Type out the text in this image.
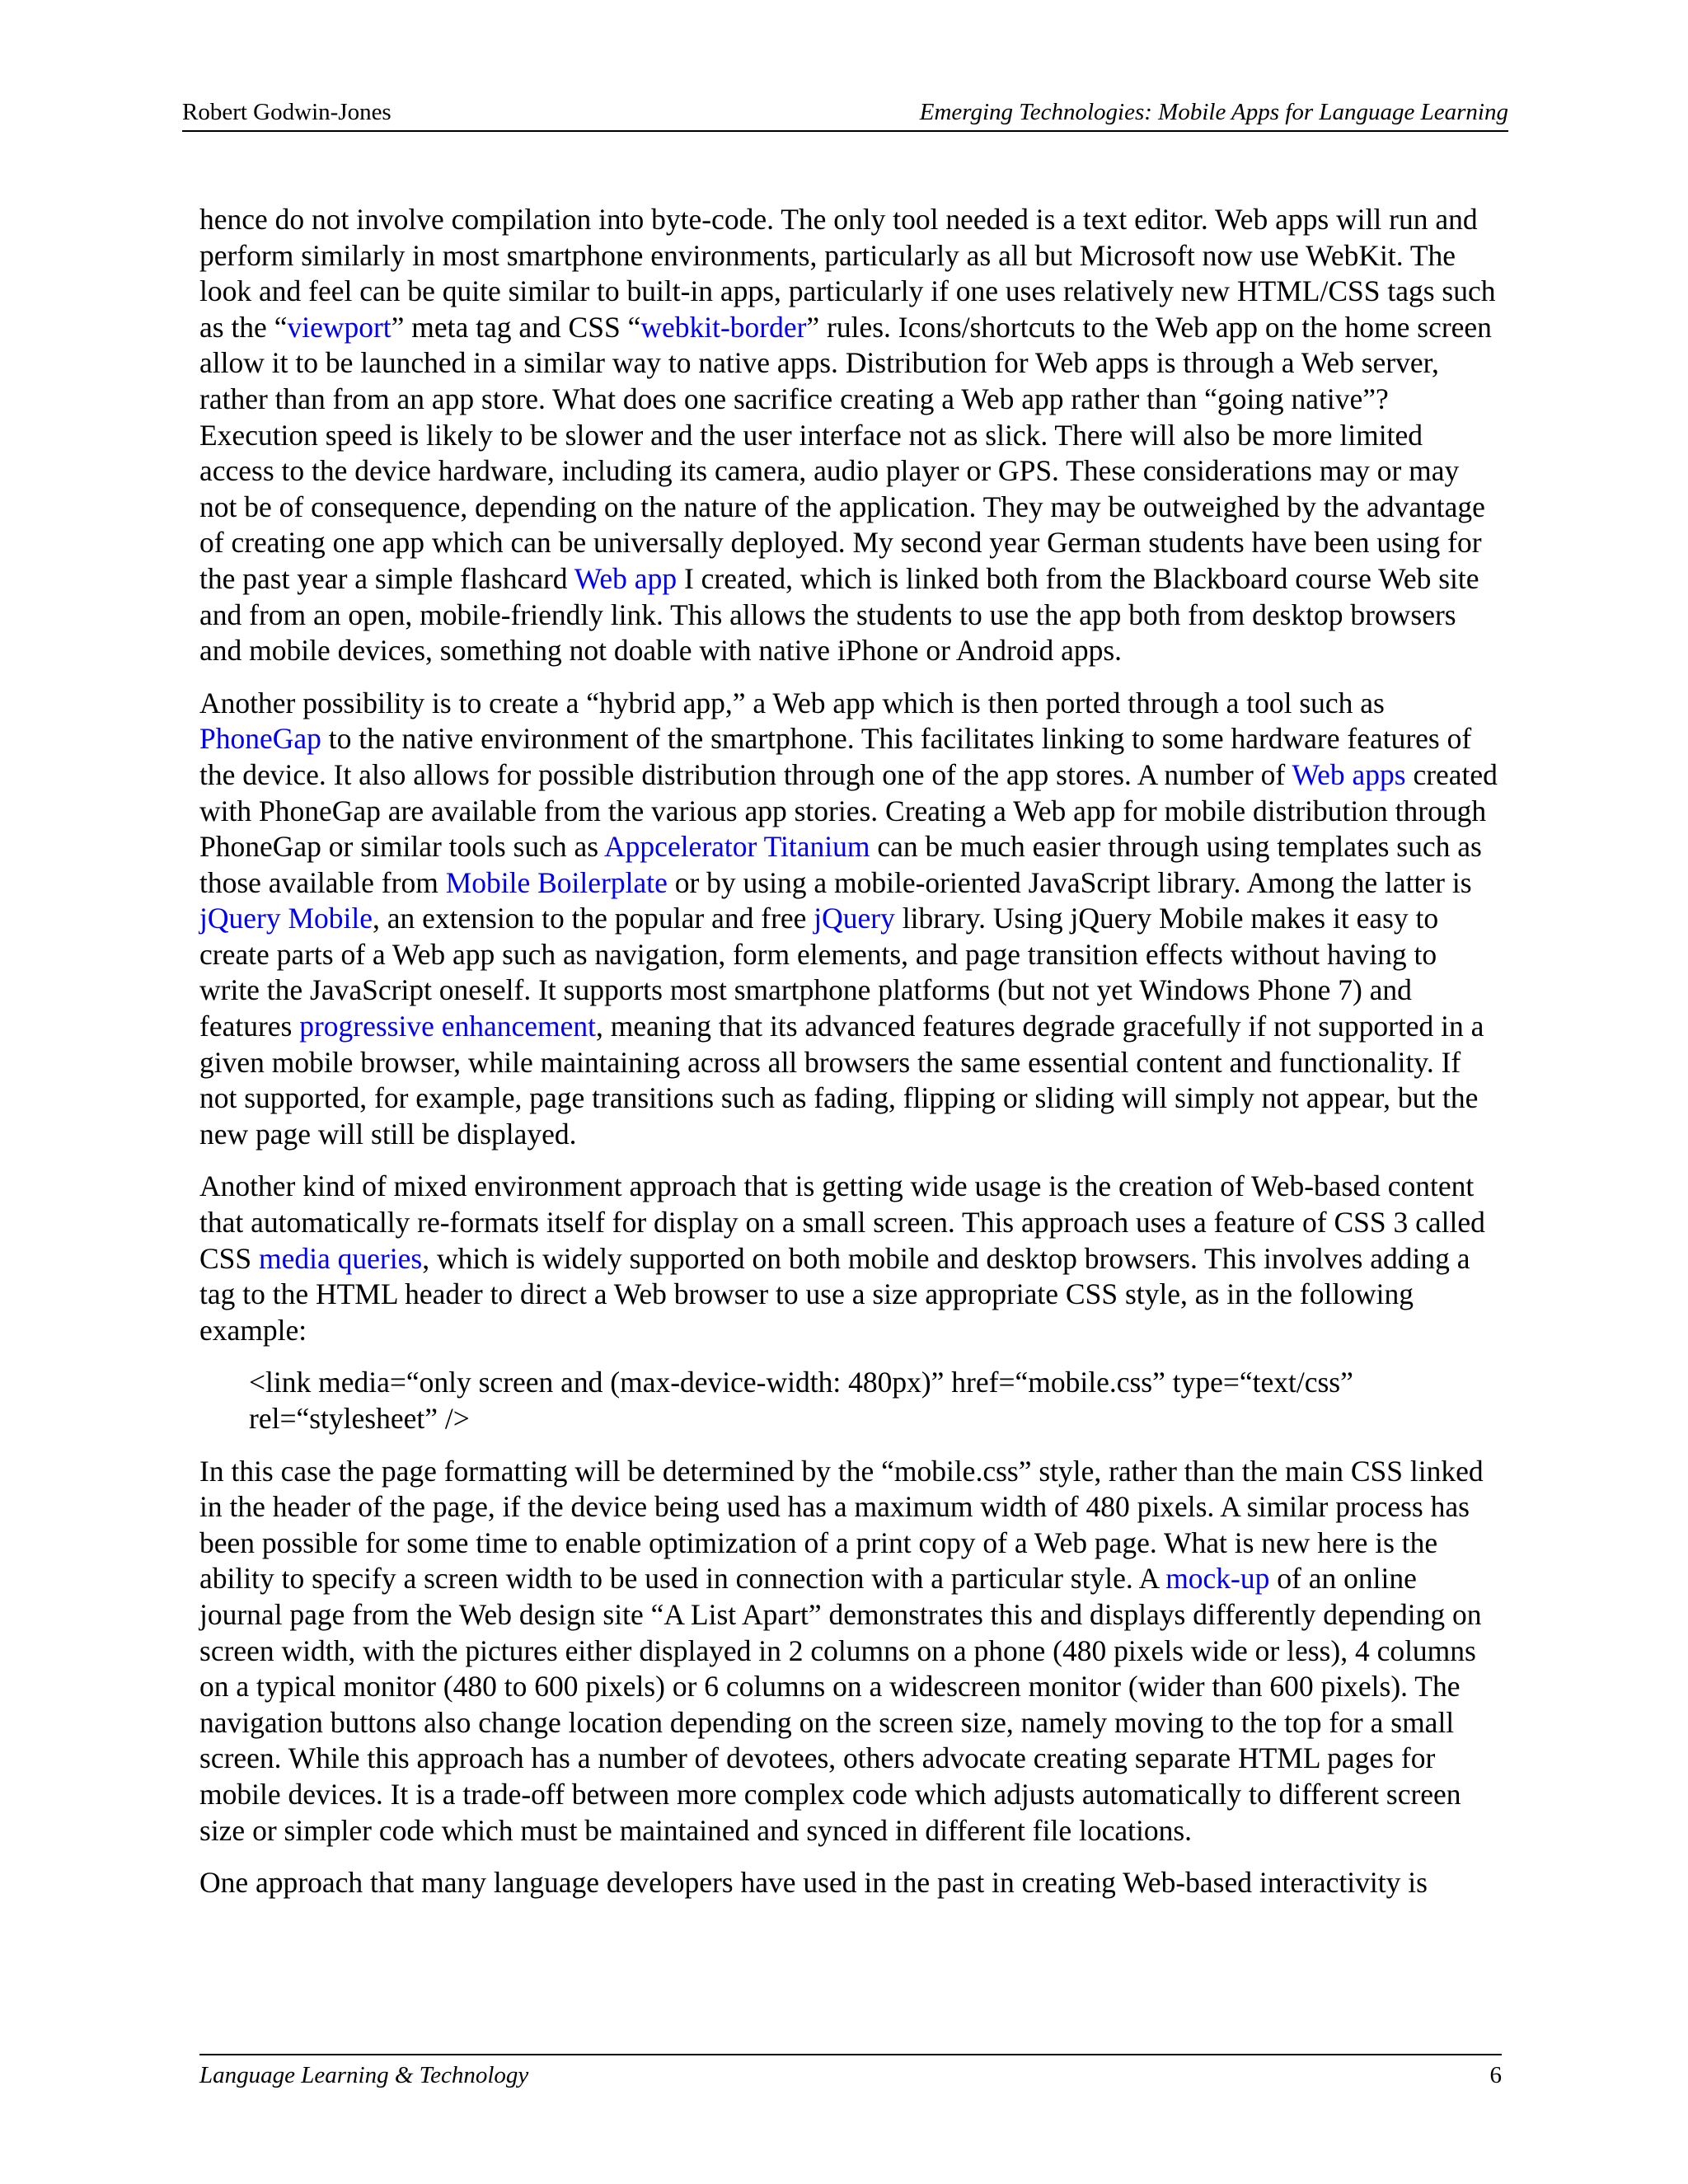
Robert Godwin-Jones	Emerging Technologies: Mobile Apps for Language Learning

hence do not involve compilation into byte-code. The only tool needed is a text editor. Web apps will run and perform similarly in most smartphone environments, particularly as all but Microsoft now use WebKit. The look and feel can be quite similar to built-in apps, particularly if one uses relatively new HTML/CSS tags such as the “viewport” meta tag and CSS “webkit-border” rules. Icons/shortcuts to the Web app on the home screen allow it to be launched in a similar way to native apps. Distribution for Web apps is through a Web server, rather than from an app store. What does one sacrifice creating a Web app rather than “going native”? Execution speed is likely to be slower and the user interface not as slick. There will also be more limited access to the device hardware, including its camera, audio player or GPS. These considerations may or may not be of consequence, depending on the nature of the application. They may be outweighed by the advantage of creating one app which can be universally deployed. My second year German students have been using for the past year a simple flashcard Web app I created, which is linked both from the Blackboard course Web site and from an open, mobile-friendly link. This allows the students to use the app both from desktop browsers and mobile devices, something not doable with native iPhone or Android apps.

Another possibility is to create a “hybrid app,” a Web app which is then ported through a tool such as PhoneGap to the native environment of the smartphone. This facilitates linking to some hardware features of the device. It also allows for possible distribution through one of the app stores. A number of Web apps created with PhoneGap are available from the various app stories. Creating a Web app for mobile distribution through PhoneGap or similar tools such as Appcelerator Titanium can be much easier through using templates such as those available from Mobile Boilerplate or by using a mobile-oriented JavaScript library. Among the latter is jQuery Mobile, an extension to the popular and free jQuery library. Using jQuery Mobile makes it easy to create parts of a Web app such as navigation, form elements, and page transition effects without having to write the JavaScript oneself. It supports most smartphone platforms (but not yet Windows Phone 7) and features progressive enhancement, meaning that its advanced features degrade gracefully if not supported in a given mobile browser, while maintaining across all browsers the same essential content and functionality. If not supported, for example, page transitions such as fading, flipping or sliding will simply not appear, but the new page will still be displayed.

Another kind of mixed environment approach that is getting wide usage is the creation of Web-based content that automatically re-formats itself for display on a small screen. This approach uses a feature of CSS 3 called CSS media queries, which is widely supported on both mobile and desktop browsers. This involves adding a tag to the HTML header to direct a Web browser to use a size appropriate CSS style, as in the following example:

<link media=“only screen and (max-device-width: 480px)” href=“mobile.css” type=“text/css” rel=“stylesheet” />

In this case the page formatting will be determined by the “mobile.css” style, rather than the main CSS linked in the header of the page, if the device being used has a maximum width of 480 pixels. A similar process has been possible for some time to enable optimization of a print copy of a Web page. What is new here is the ability to specify a screen width to be used in connection with a particular style. A mock-up of an online journal page from the Web design site “A List Apart” demonstrates this and displays differently depending on screen width, with the pictures either displayed in 2 columns on a phone (480 pixels wide or less), 4 columns on a typical monitor (480 to 600 pixels) or 6 columns on a widescreen monitor (wider than 600 pixels). The navigation buttons also change location depending on the screen size, namely moving to the top for a small screen. While this approach has a number of devotees, others advocate creating separate HTML pages for mobile devices. It is a trade-off between more complex code which adjusts automatically to different screen size or simpler code which must be maintained and synced in different file locations.

One approach that many language developers have used in the past in creating Web-based interactivity is

Language Learning & Technology	6
